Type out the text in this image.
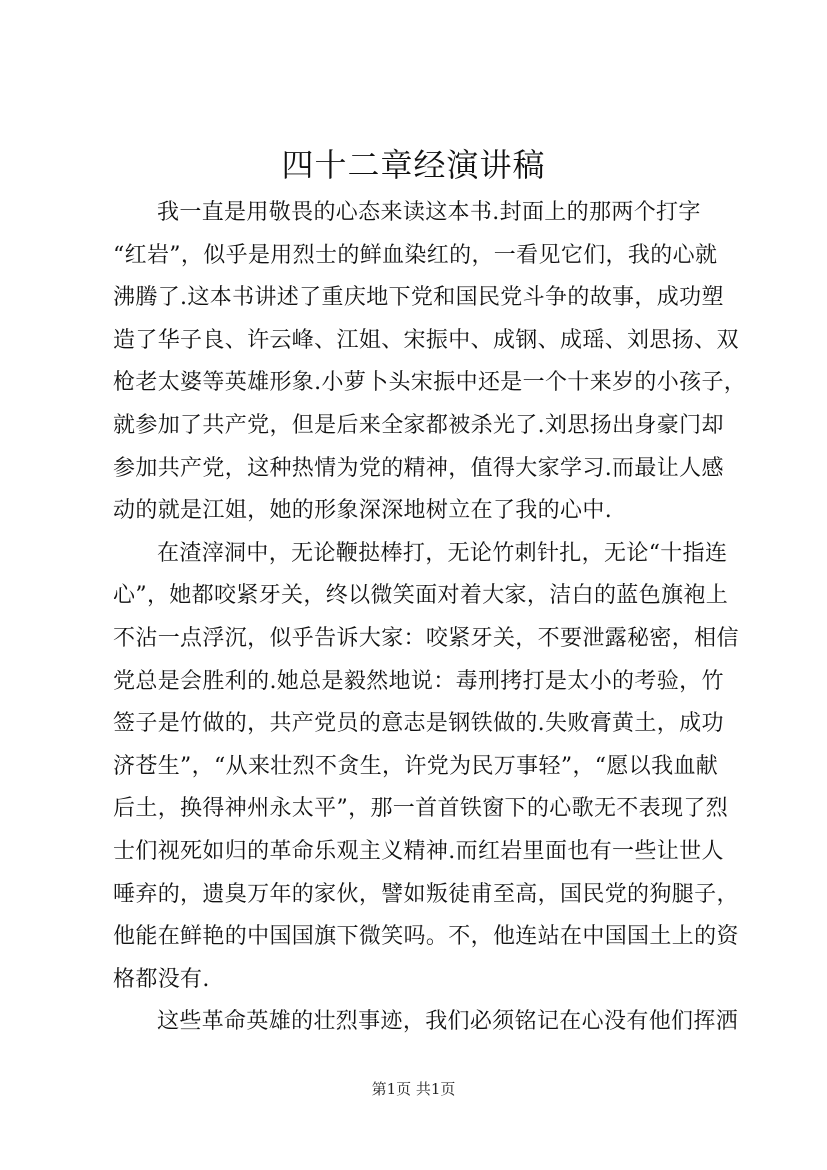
四十二章经演讲稿
我一直是用敬畏的心态来读这本书.封面上的那两个打字
“红岩”，似乎是用烈士的鲜血染红的，一看见它们，我的心就
沸腾了.这本书讲述了重庆地下党和国民党斗争的故事，成功塑
造了华子良、许云峰、江姐、宋振中、成钢、成瑶、刘思扬、双
枪老太婆等英雄形象.小萝卜头宋振中还是一个十来岁的小孩子，
就参加了共产党，但是后来全家都被杀光了.刘思扬出身豪门却
参加共产党，这种热情为党的精神，值得大家学习.而最让人感
动的就是江姐，她的形象深深地树立在了我的心中.
在渣滓洞中，无论鞭挞棒打，无论竹刺针扎，无论“十指连
心”，她都咬紧牙关，终以微笑面对着大家，洁白的蓝色旗袍上
不沾一点浮沉，似乎告诉大家：咬紧牙关，不要泄露秘密，相信
党总是会胜利的.她总是毅然地说：毒刑拷打是太小的考验，竹
签子是竹做的，共产党员的意志是钢铁做的.失败膏黄土，成功
济苍生”，“从来壮烈不贪生，许党为民万事轻”，“愿以我血献
后土，换得神州永太平”，那一首首铁窗下的心歌无不表现了烈
士们视死如归的革命乐观主义精神.而红岩里面也有一些让世人
唾弃的，遗臭万年的家伙，譬如叛徒甫至高，国民党的狗腿子，
他能在鲜艳的中国国旗下微笑吗。不，他连站在中国国土上的资
格都没有.
这些革命英雄的壮烈事迹，我们必须铭记在心没有他们挥洒
第1页 共1页
